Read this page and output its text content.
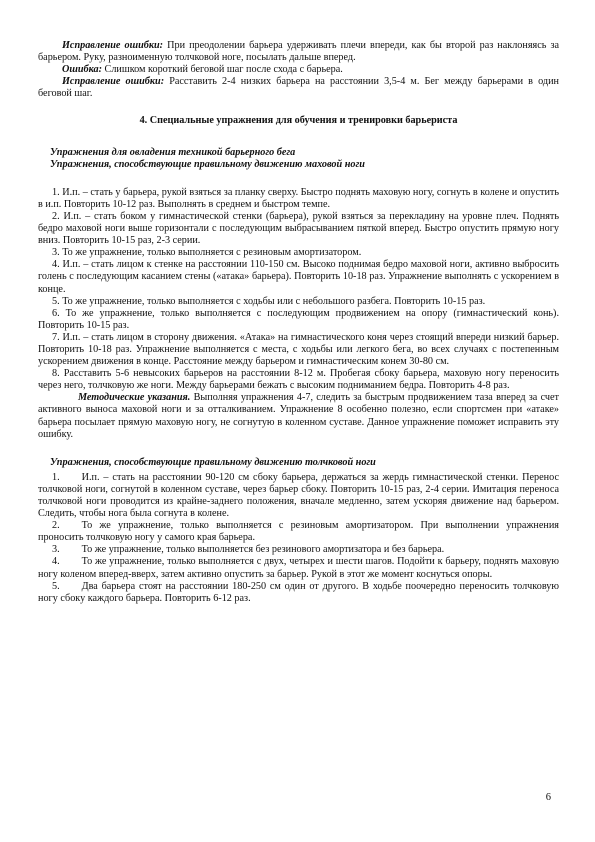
Исправление ошибки: При преодолении барьера удерживать плечи впереди, как бы второй раз наклоняясь за барьером. Руку, разноименную толчковой ноге, посылать дальше вперед.

Ошибка: Слишком короткий беговой шаг после схода с барьера.

Исправление ошибки: Расставить 2-4 низких барьера на расстоянии 3,5-4 м. Бег между барьерами в один беговой шаг.

4. Специальные упражнения для обучения и тренировки барьериста

Упражнения для овладения техникой барьерного бега

Упражнения, способствующие правильному движению маховой ноги

1. И.п. – стать у барьера, рукой взяться за планку сверху. Быстро поднять маховую ногу, согнуть в колене и опустить в и.п. Повторить 10-12 раз. Выполнять в среднем и быстром темпе.

2. И.п. – стать боком у гимнастической стенки (барьера), рукой взяться за перекладину на уровне плеч. Поднять бедро маховой ноги выше горизонтали с последующим выбрасыванием пяткой вперед. Быстро опустить прямую ногу вниз. Повторить 10-15 раз, 2-3 серии.

3. То же упражнение, только выполняется с резиновым амортизатором.

4. И.п. – стать лицом к стенке на расстоянии 110-150 см. Высоко поднимая бедро маховой ноги, активно выбросить голень с последующим касанием стены («атака» барьера). Повторить 10-18 раз. Упражнение выполнять с ускорением в конце.

5. То же упражнение, только выполняется с ходьбы или с небольшого разбега. Повторить 10-15 раз.

6. То же упражнение, только выполняется с последующим продвижением на опору (гимнастический конь). Повторить 10-15 раз.

7. И.п. – стать лицом в сторону движения. «Атака» на гимнастического коня через стоящий впереди низкий барьер. Повторить 10-18 раз. Упражнение выполняется с места, с ходьбы или легкого бега, во всех случаях с постепенным ускорением движения в конце. Расстояние между барьером и гимнастическим конем 30-80 см.

8. Расставить 5-6 невысоких барьеров на расстоянии 8-12 м. Пробегая сбоку барьера, маховую ногу переносить через него, толчковую же ноги. Между барьерами бежать с высоким подниманием бедра. Повторить 4-8 раз.

Методические указания. Выполняя упражнения 4-7, следить за быстрым продвижением таза вперед за счет активного выноса маховой ноги и за отталкиванием. Упражнение 8 особенно полезно, если спортсмен при «атаке» барьера посылает прямую маховую ногу, не согнутую в коленном суставе. Данное упражнение поможет исправить эту ошибку.

Упражнения, способствующие правильному движению толчковой ноги

1. И.п. – стать на расстоянии 90-120 см сбоку барьера, держаться за жердь гимнастической стенки. Перенос толчковой ноги, согнутой в коленном суставе, через барьер сбоку. Повторить 10-15 раз, 2-4 серии. Имитация переноса толчковой ноги проводится из крайне-заднего положения, вначале медленно, затем ускоряя движение над барьером. Следить, чтобы нога была согнута в колене.

2. То же упражнение, только выполняется с резиновым амортизатором. При выполнении упражнения проносить толчковую ногу у самого края барьера.

3. То же упражнение, только выполняется без резинового амортизатора и без барьера.

4. То же упражнение, только выполняется с двух, четырех и шести шагов. Подойти к барьеру, поднять маховую ногу коленом вперед-вверх, затем активно опустить за барьер. Рукой в этот же момент коснуться опоры.

5. Два барьера стоят на расстоянии 180-250 см один от другого. В ходьбе поочередно переносить толчковую ногу сбоку каждого барьера. Повторить 6-12 раз.

6
